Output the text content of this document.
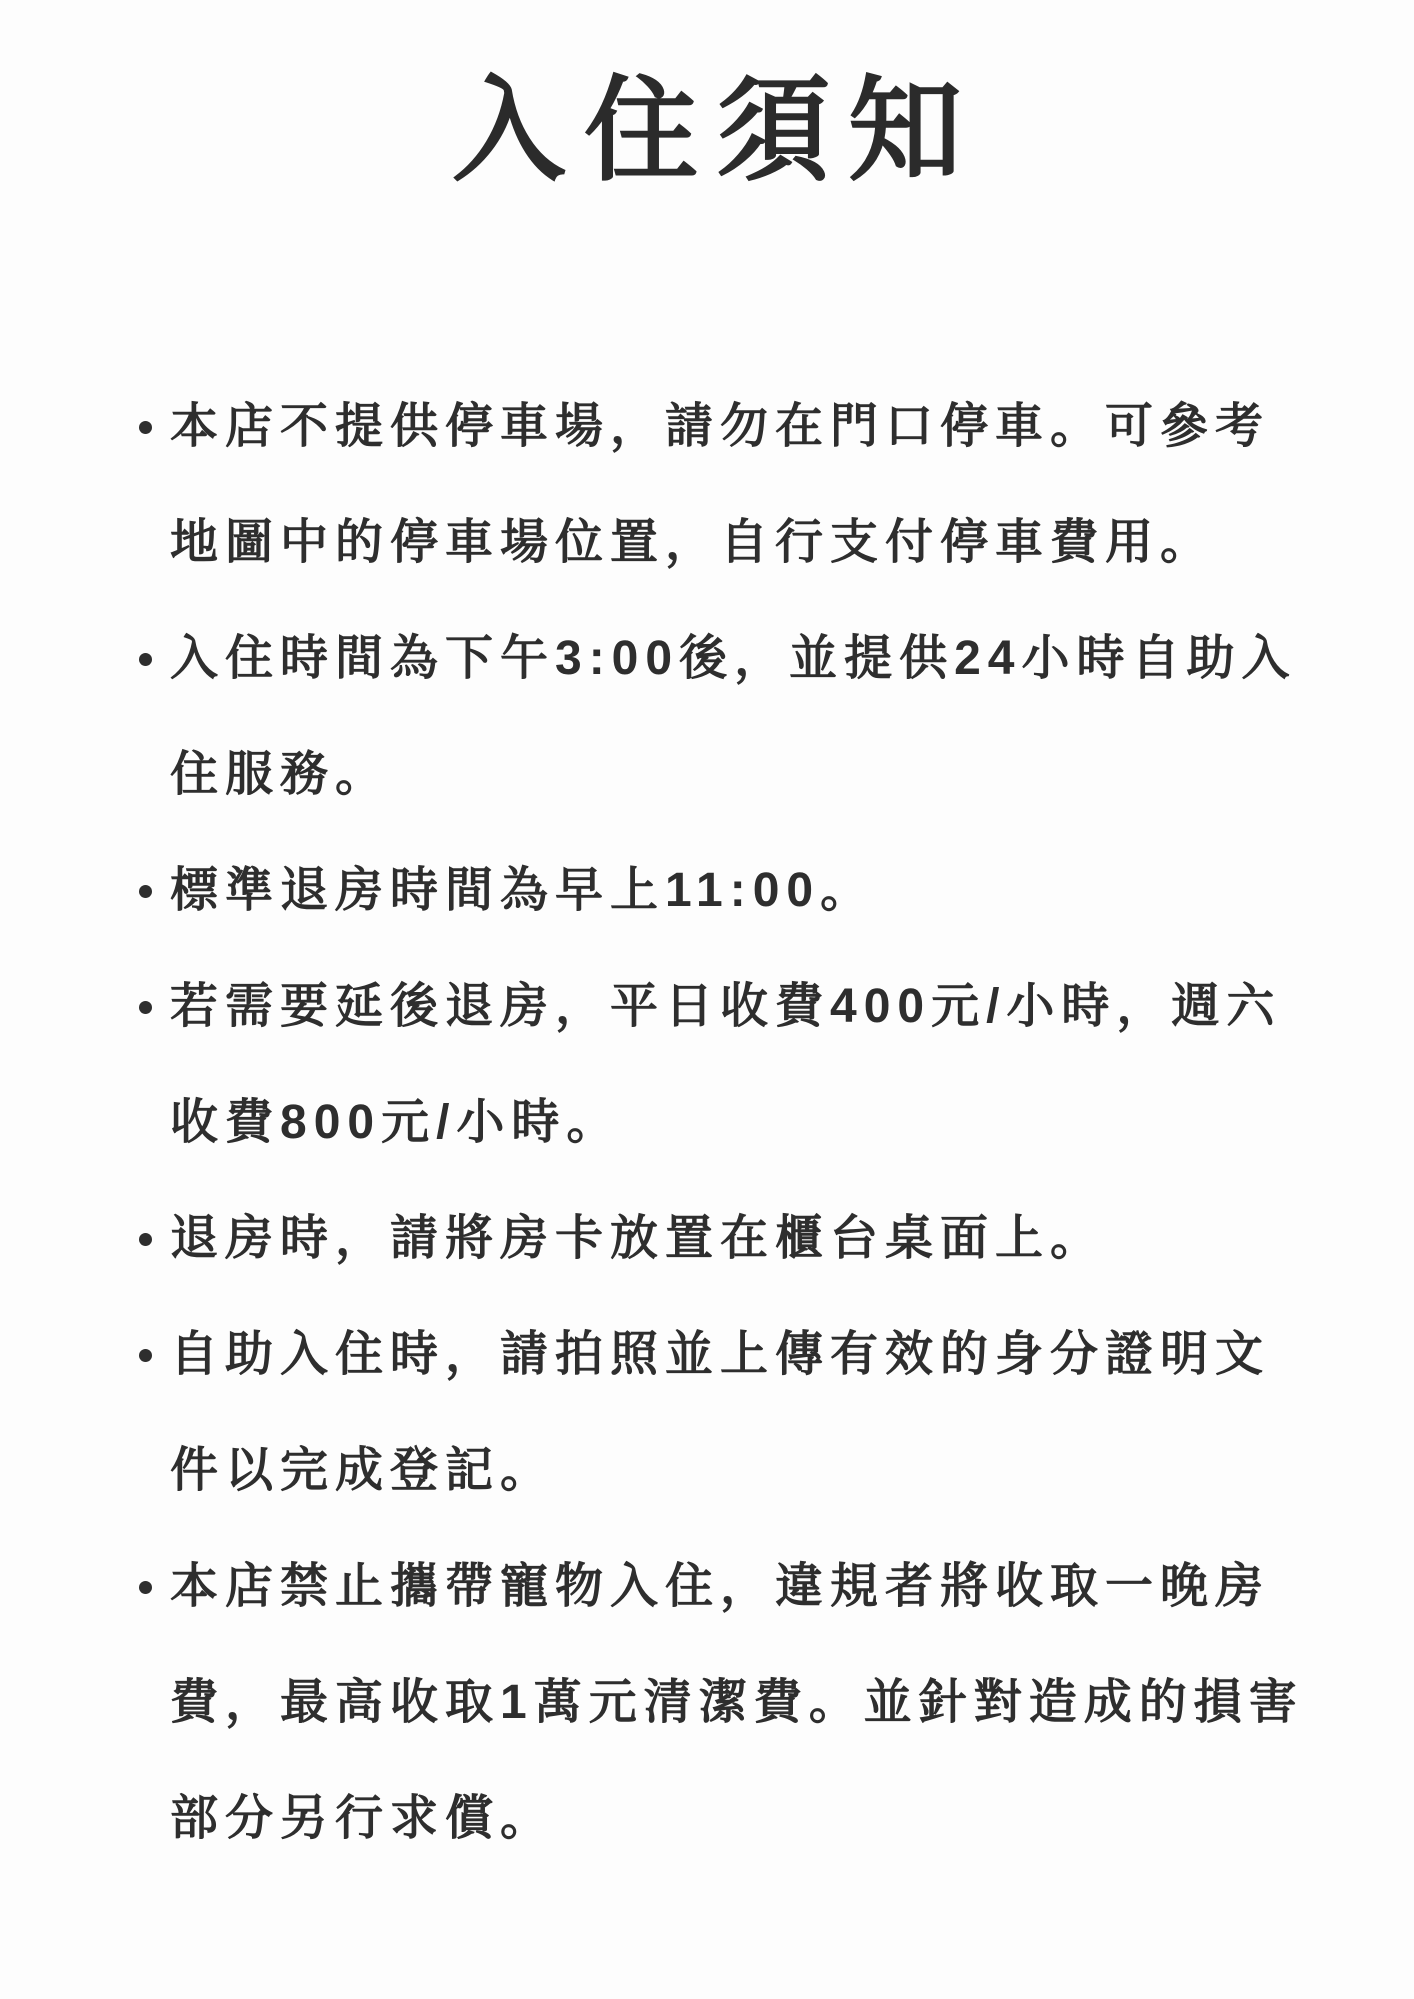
入住須知
本店不提供停車場，請勿在門口停車。可參考地圖中的停車場位置，自行支付停車費用。
入住時間為下午3:00後，並提供24小時自助入住服務。
標準退房時間為早上11:00。
若需要延後退房，平日收費400元/小時，週六收費800元/小時。
退房時，請將房卡放置在櫃台桌面上。
自助入住時，請拍照並上傳有效的身分證明文件以完成登記。
本店禁止攜帶寵物入住，違規者將收取一晚房費，最高收取1萬元清潔費。並針對造成的損害部分另行求償。
